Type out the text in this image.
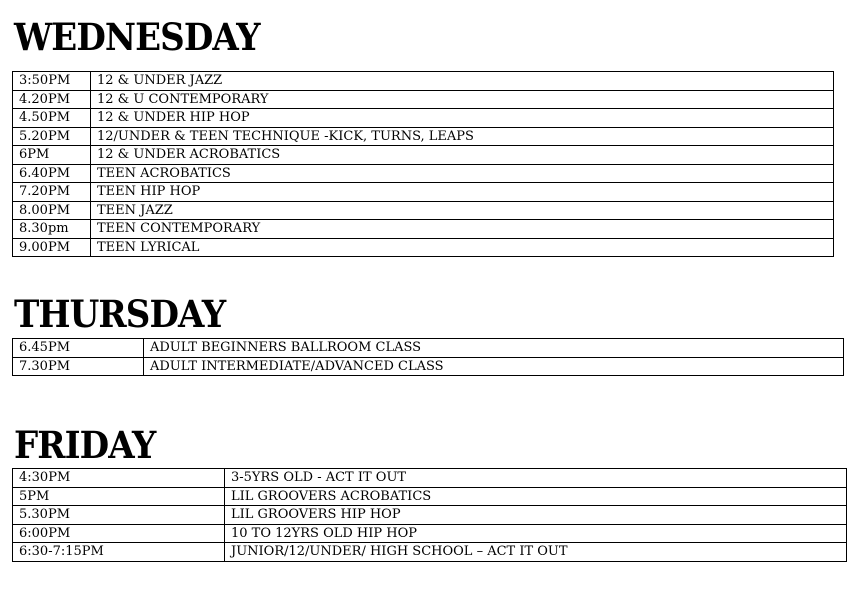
WEDNESDAY
3:50PM	12 & UNDER JAZZ
4.20PM	12 & U CONTEMPORARY
4.50PM	12 & UNDER HIP HOP
5.20PM	12/UNDER & TEEN TECHNIQUE -KICK, TURNS, LEAPS
6PM	12 & UNDER ACROBATICS
6.40PM	TEEN ACROBATICS
7.20PM	TEEN HIP HOP
8.00PM	TEEN JAZZ
8.30pm	TEEN CONTEMPORARY
9.00PM	TEEN LYRICAL
THURSDAY
6.45PM	ADULT BEGINNERS BALLROOM CLASS
7.30PM	ADULT INTERMEDIATE/ADVANCED CLASS
FRIDAY
4:30PM	3-5YRS OLD - ACT IT OUT
5PM	LIL GROOVERS ACROBATICS
5.30PM	LIL GROOVERS HIP HOP
6:00PM	10 TO 12YRS OLD HIP HOP
6:30-7:15PM	JUNIOR/12/UNDER/ HIGH SCHOOL – ACT IT OUT
